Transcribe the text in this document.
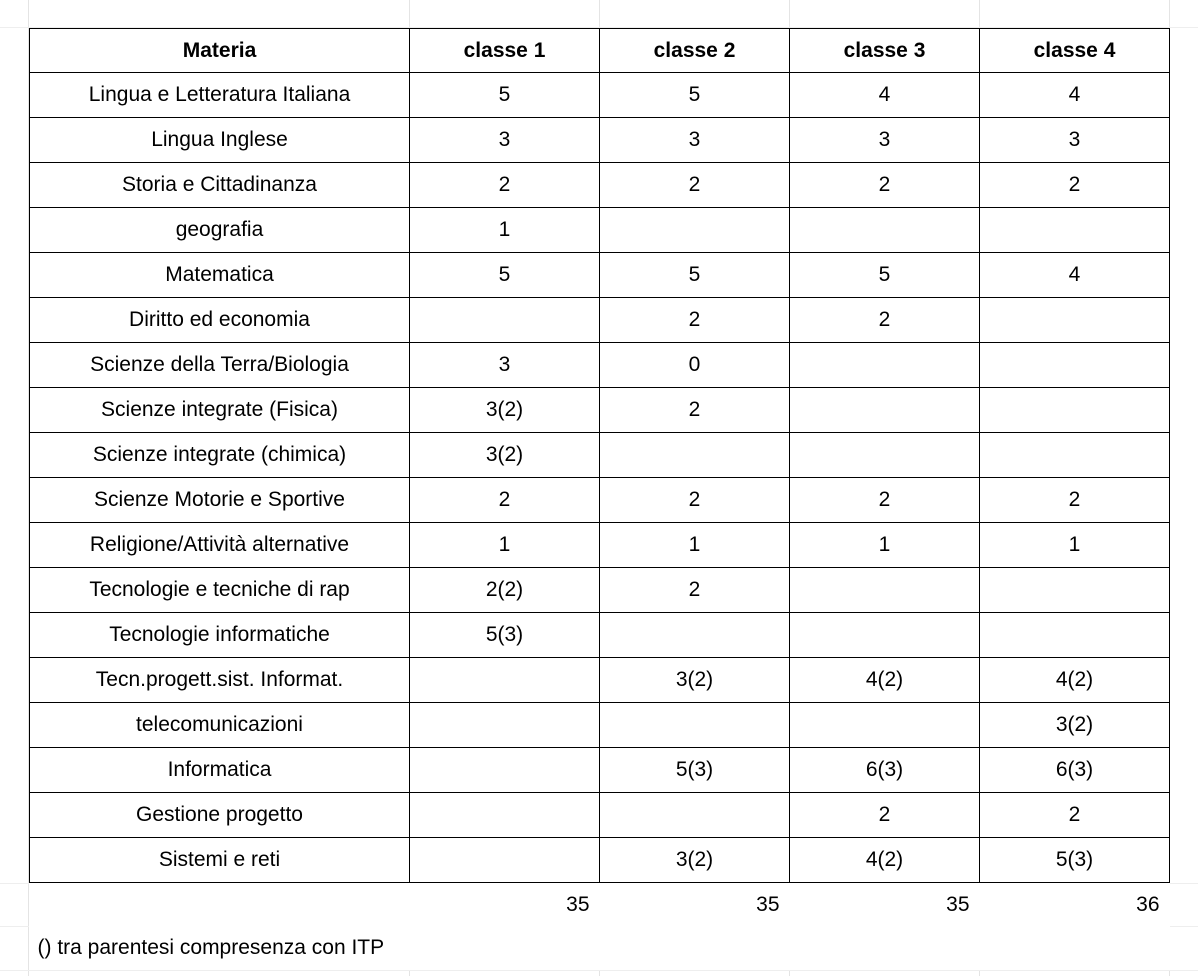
Materia	classe 1	classe 2	classe 3	classe 4
Lingua e Letteratura Italiana	5	5	4	4
Lingua Inglese	3	3	3	3
Storia e Cittadinanza	2	2	2	2
geografia	1			
Matematica	5	5	5	4
Diritto ed economia		2	2	
Scienze della Terra/Biologia	3	0		
Scienze integrate (Fisica)	3(2)	2		
Scienze integrate (chimica)	3(2)			
Scienze Motorie e Sportive	2	2	2	2
Religione/Attività alternative	1	1	1	1
Tecnologie e tecniche di rap	2(2)	2		
Tecnologie informatiche	5(3)			
Tecn.progett.sist. Informat.		3(2)	4(2)	4(2)
telecomunicazioni				3(2)
Informatica		5(3)	6(3)	6(3)
Gestione progetto			2	2
Sistemi e reti		3(2)	4(2)	5(3)
	35	35	35	36
() tra parentesi compresenza con ITP				
